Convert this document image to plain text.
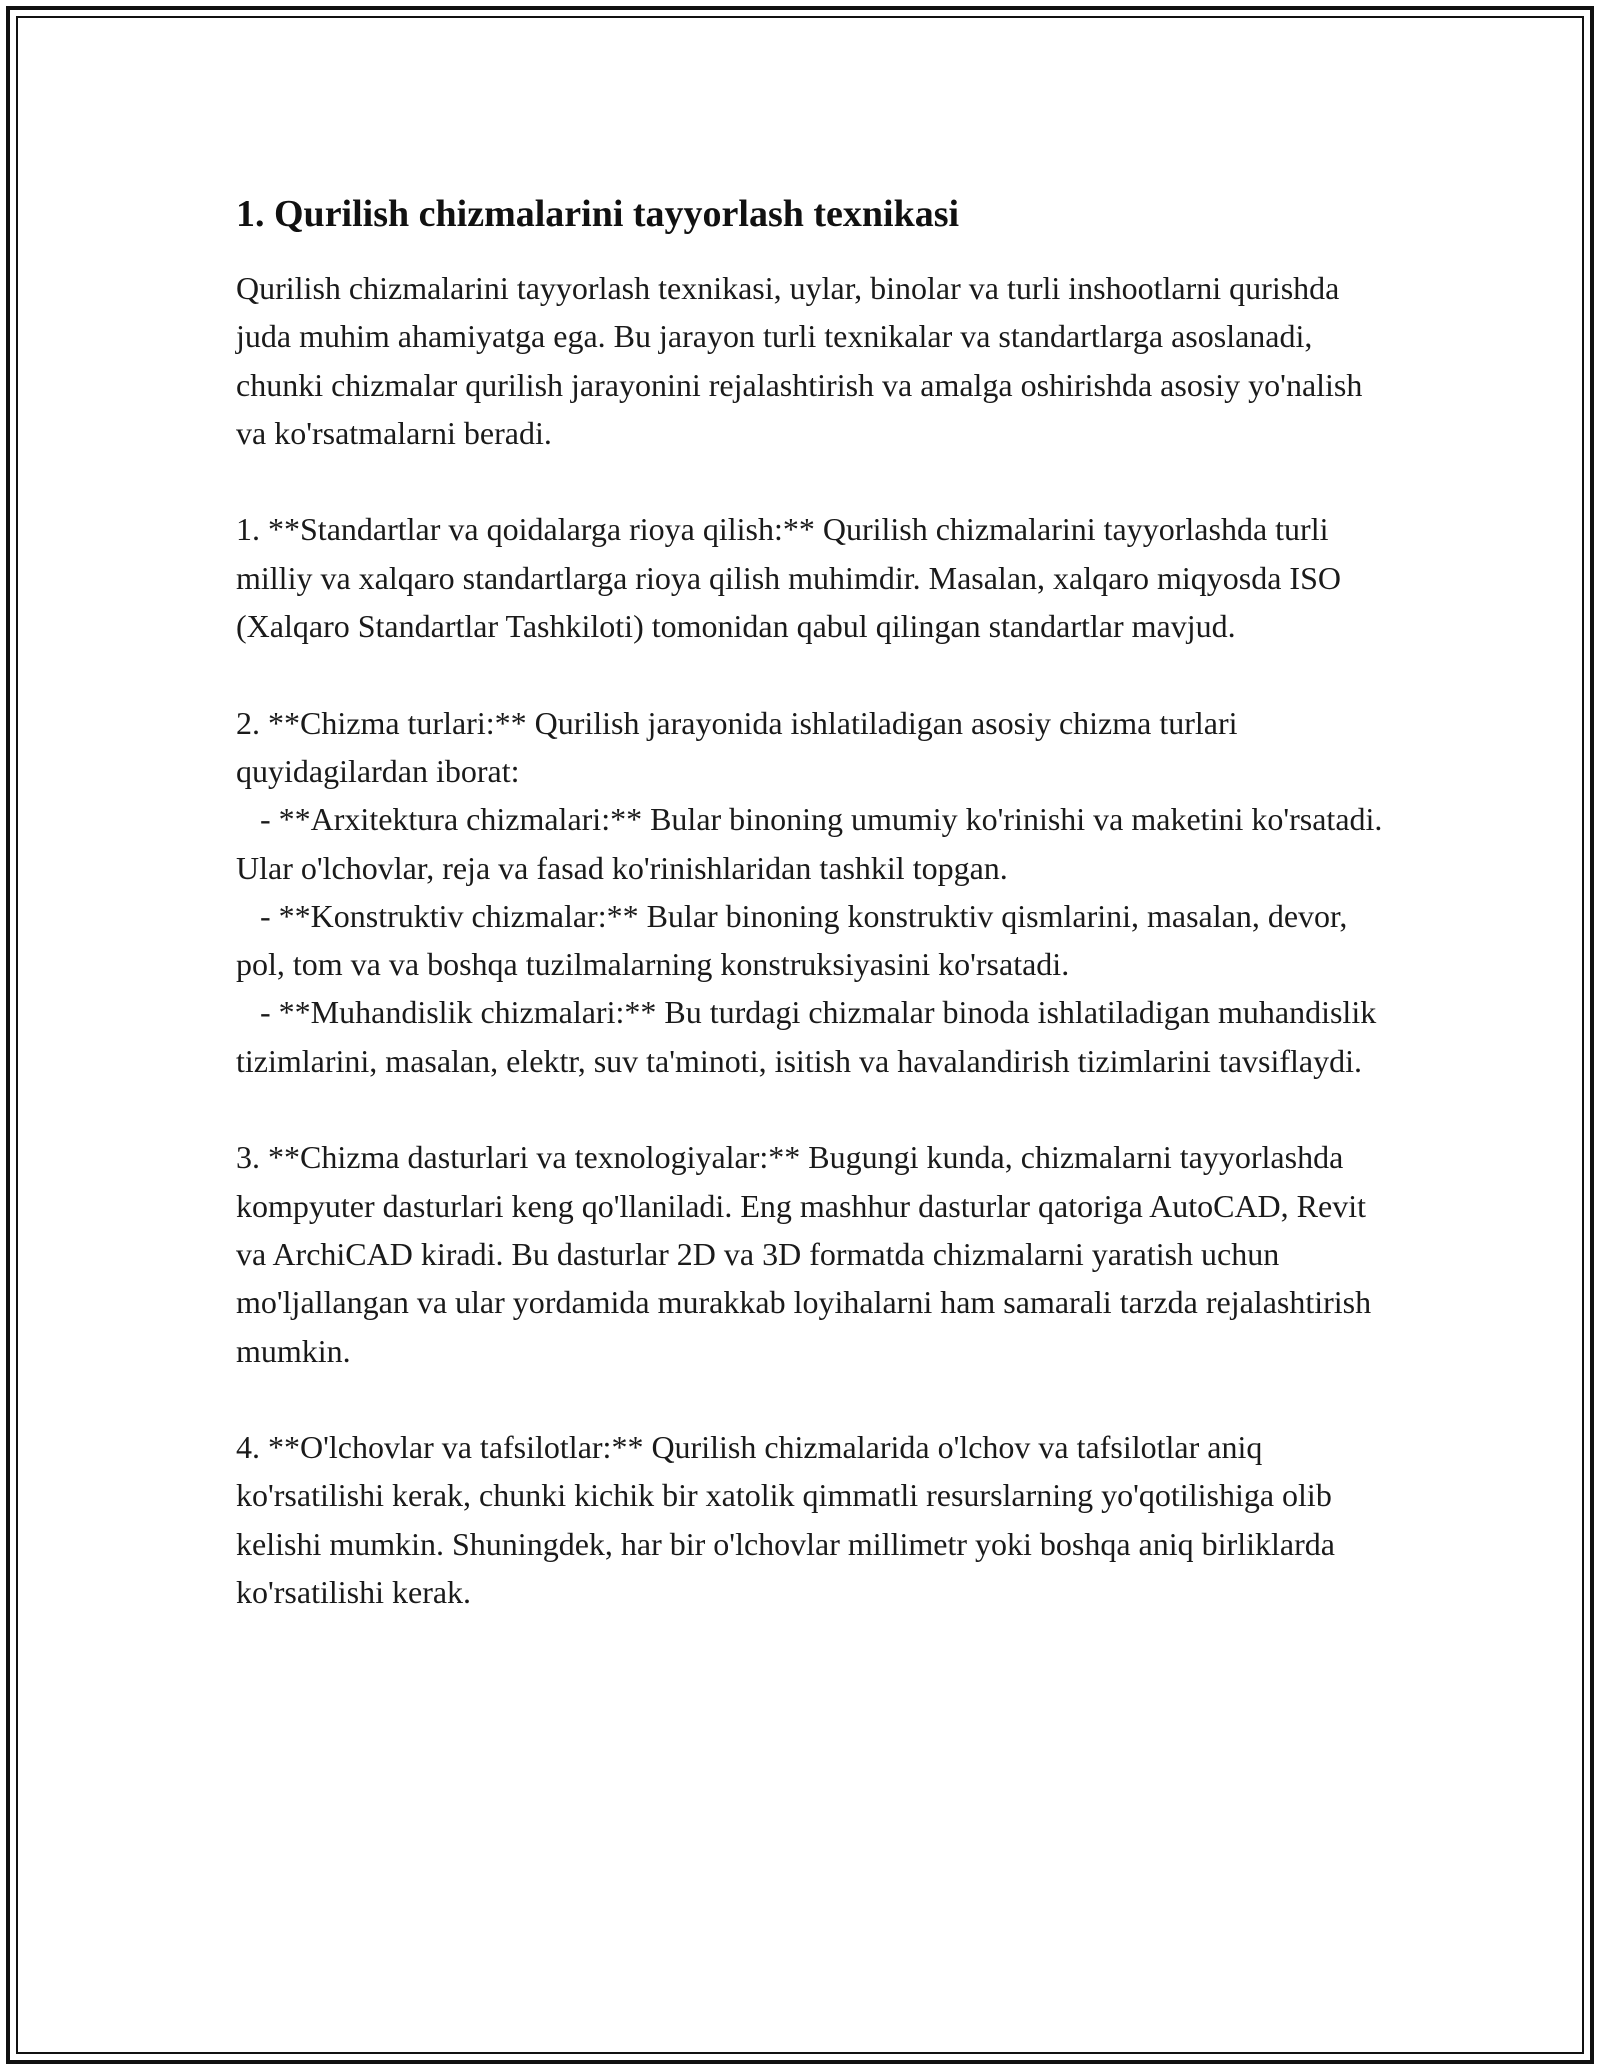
1. Qurilish chizmalarini tayyorlash texnikasi

Qurilish chizmalarini tayyorlash texnikasi, uylar, binolar va turli inshootlarni qurishda juda muhim ahamiyatga ega. Bu jarayon turli texnikalar va standartlarga asoslanadi, chunki chizmalar qurilish jarayonini rejalashtirish va amalga oshirishda asosiy yo'nalish va ko'rsatmalarni beradi.

1. **Standartlar va qoidalarga rioya qilish:** Qurilish chizmalarini tayyorlashda turli milliy va xalqaro standartlarga rioya qilish muhimdir. Masalan, xalqaro miqyosda ISO (Xalqaro Standartlar Tashkiloti) tomonidan qabul qilingan standartlar mavjud.

2. **Chizma turlari:** Qurilish jarayonida ishlatiladigan asosiy chizma turlari quyidagilardan iborat:

- **Arxitektura chizmalari:** Bular binoning umumiy ko'rinishi va maketini ko'rsatadi. Ular o'lchovlar, reja va fasad ko'rinishlaridan tashkil topgan.

- **Konstruktiv chizmalar:** Bular binoning konstruktiv qismlarini, masalan, devor, pol, tom va va boshqa tuzilmalarning konstruksiyasini ko'rsatadi.

- **Muhandislik chizmalari:** Bu turdagi chizmalar binoda ishlatiladigan muhandislik tizimlarini, masalan, elektr, suv ta'minoti, isitish va havalandirish tizimlarini tavsiflaydi.

3. **Chizma dasturlari va texnologiyalar:** Bugungi kunda, chizmalarni tayyorlashda kompyuter dasturlari keng qo'llaniladi. Eng mashhur dasturlar qatoriga AutoCAD, Revit va ArchiCAD kiradi. Bu dasturlar 2D va 3D formatda chizmalarni yaratish uchun mo'ljallangan va ular yordamida murakkab loyihalarni ham samarali tarzda rejalashtirish mumkin.

4. **O'lchovlar va tafsilotlar:** Qurilish chizmalarida o'lchov va tafsilotlar aniq ko'rsatilishi kerak, chunki kichik bir xatolik qimmatli resurslarning yo'qotilishiga olib kelishi mumkin. Shuningdek, har bir o'lchovlar millimetr yoki boshqa aniq birliklarda ko'rsatilishi kerak.
